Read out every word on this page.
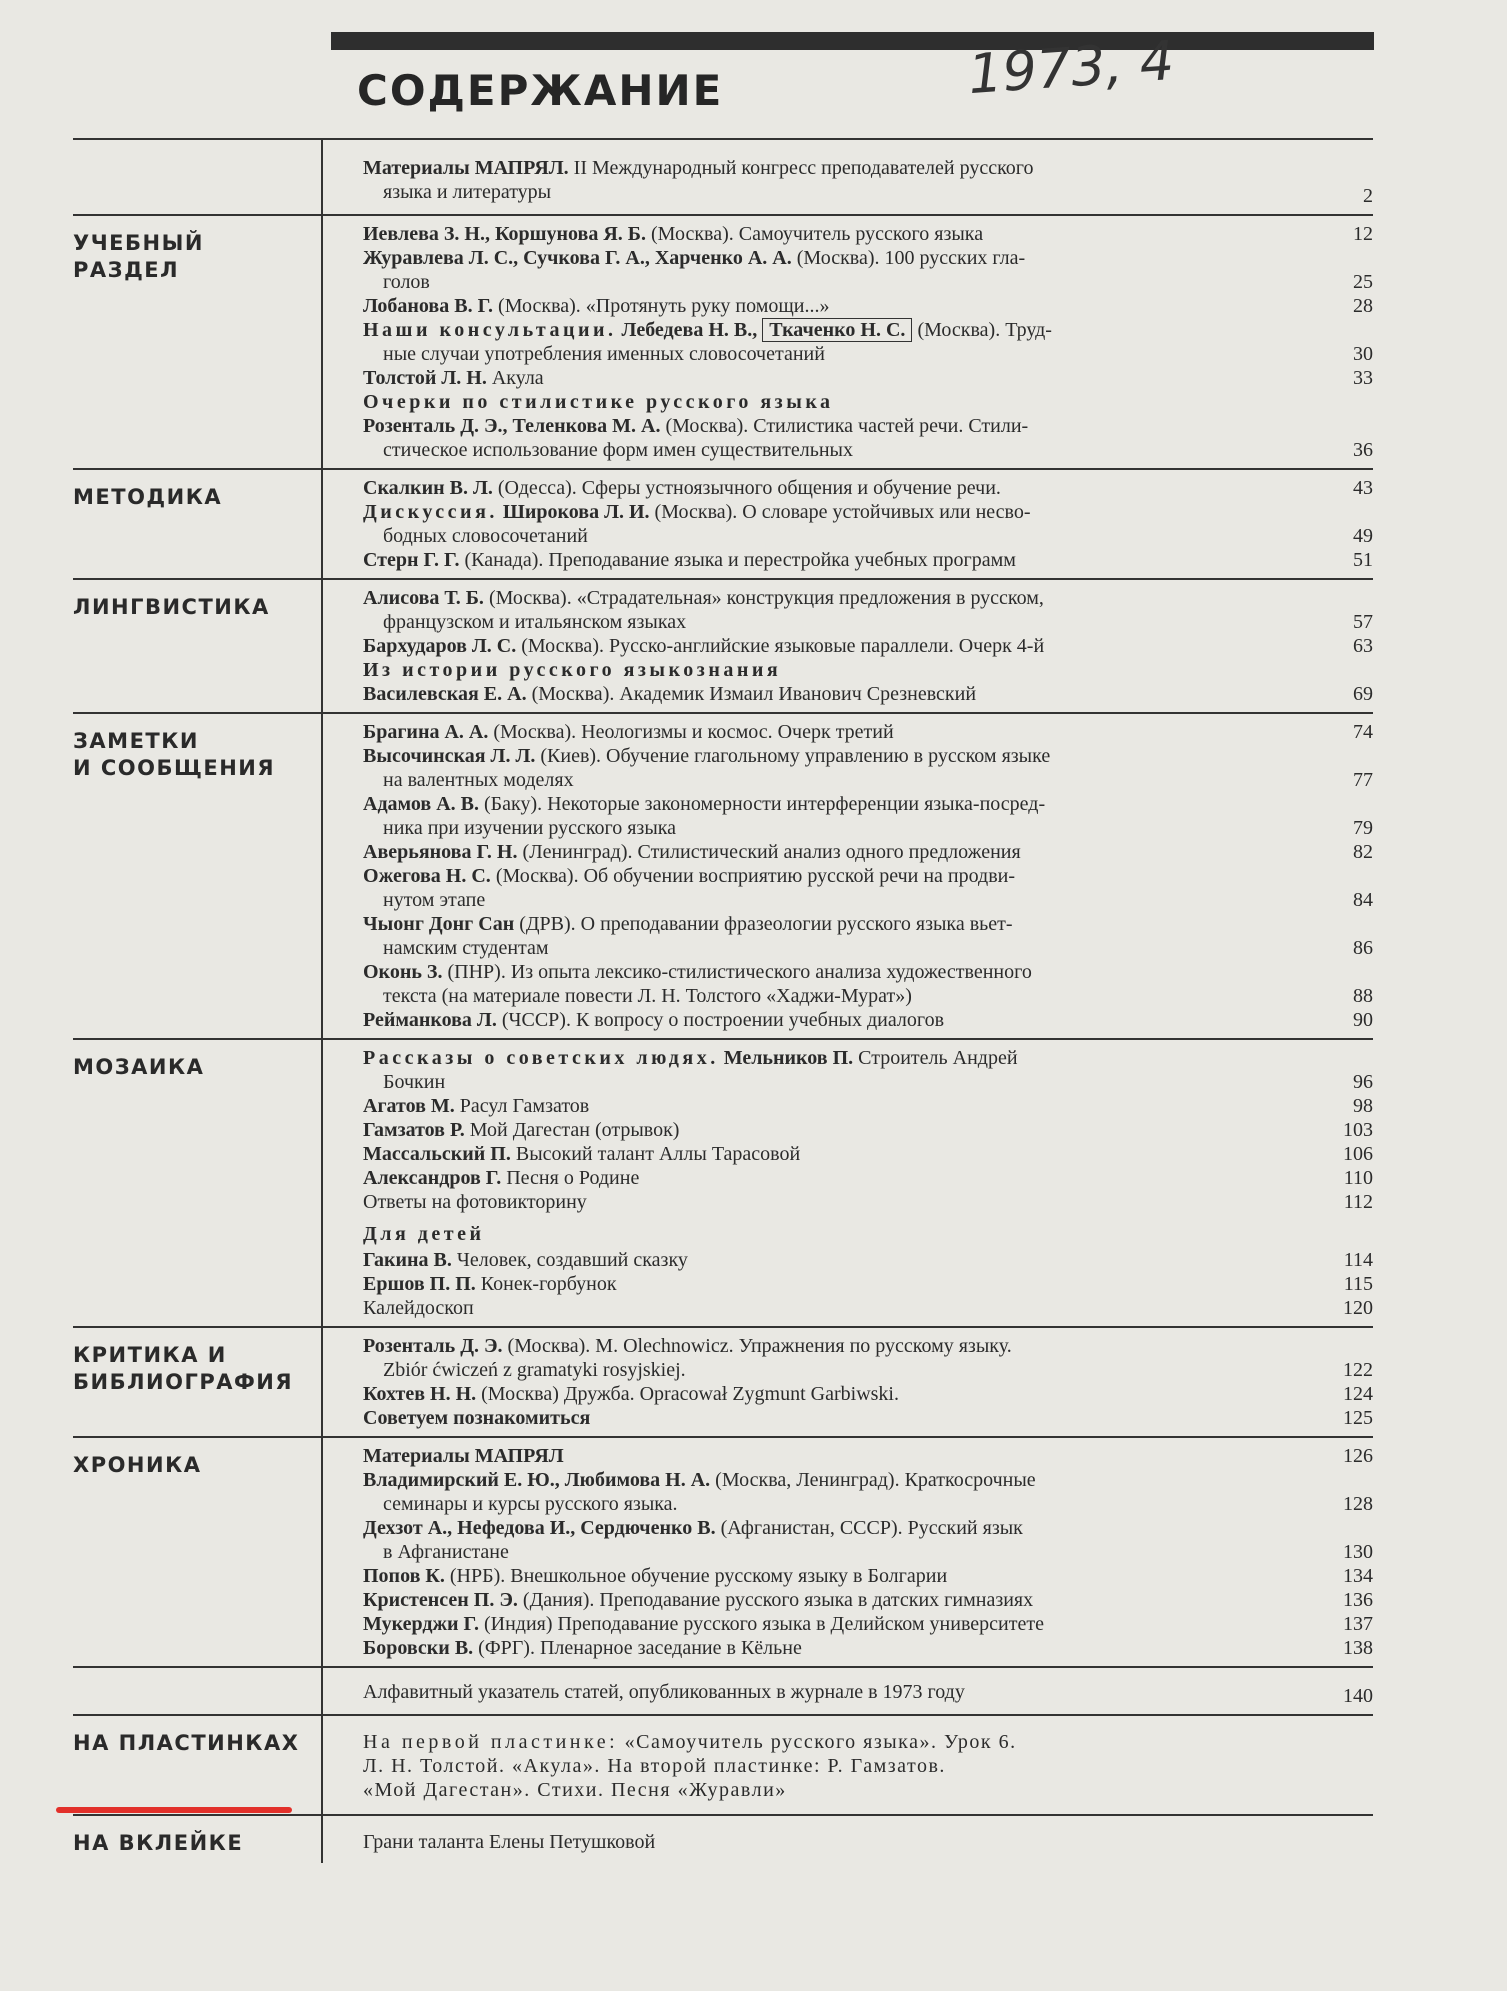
СОДЕРЖАНИЕ	1973, 4
Материалы МАПРЯЛ. II Международный конгресс преподавателей русского
языка и литературы	2
УЧЕБНЫЙ
РАЗДЕЛ
Иевлева З. Н., Коршунова Я. Б. (Москва). Самоучитель русского языка	12
Журавлева Л. С., Сучкова Г. А., Харченко А. А. (Москва). 100 русских гла-
голов	25
Лобанова В. Г. (Москва). «Протянуть руку помощи...»	28
Наши консультации. Лебедева Н. В., Ткаченко Н. С. (Москва). Труд-
ные случаи употребления именных словосочетаний	30
Толстой Л. Н. Акула	33
Очерки по стилистике русского языка
Розенталь Д. Э., Теленкова М. А. (Москва). Стилистика частей речи. Стили-
стическое использование форм имен существительных	36
МЕТОДИКА	Скалкин В. Л. (Одесса). Сферы устноязычного общения и обучение речи.	43
Дискуссия. Широкова Л. И. (Москва). О словаре устойчивых или несво-
бодных словосочетаний	49
Стерн Г. Г. (Канада). Преподавание языка и перестройка учебных программ	51
ЛИНГВИСТИКА	Алисова Т. Б. (Москва). «Страдательная» конструкция предложения в русском,
французском и итальянском языках	57
Бархударов Л. С. (Москва). Русско-английские языковые параллели. Очерк 4-й	63
Из истории русского языкознания
Василевская Е. А. (Москва). Академик Измаил Иванович Срезневский	69
ЗАМЕТКИ
И СООБЩЕНИЯ
Брагина А. А. (Москва). Неологизмы и космос. Очерк третий	74
Высочинская Л. Л. (Киев). Обучение глагольному управлению в русском языке
на валентных моделях	77
Адамов А. В. (Баку). Некоторые закономерности интерференции языка-посред-
ника при изучении русского языка	79
Аверьянова Г. Н. (Ленинград). Стилистический анализ одного предложения	82
Ожегова Н. С. (Москва). Об обучении восприятию русской речи на продви-
нутом этапе	84
Чыонг Донг Сан (ДРВ). О преподавании фразеологии русского языка вьет-
намским студентам	86
Оконь З. (ПНР). Из опыта лексико-стилистического анализа художественного
текста (на материале повести Л. Н. Толстого «Хаджи-Мурат»)	88
Рейманкова Л. (ЧССР). К вопросу о построении учебных диалогов	90
МОЗАИКА	Рассказы о советских людях. Мельников П. Строитель Андрей
Бочкин	96
Агатов М. Расул Гамзатов	98
Гамзатов Р. Мой Дагестан (отрывок)	103
Массальский П. Высокий талант Аллы Тарасовой	106
Александров Г. Песня о Родине	110
Ответы на фотовикторину	112
Для детей
Гакина В. Человек, создавший сказку	114
Ершов П. П. Конек-горбунок	115
Калейдоскоп	120
КРИТИКА И
БИБЛИОГРАФИЯ
Розенталь Д. Э. (Москва). M. Olechnowicz. Упражнения по русскому языку.
Zbiór ćwiczeń z gramatyki rosyjskiej.	122
Кохтев Н. Н. (Москва) Дружба. Opracował Zygmunt Garbiwski.	124
Советуем познакомиться	125
ХРОНИКА	Материалы МАПРЯЛ	126
Владимирский Е. Ю., Любимова Н. А. (Москва, Ленинград). Краткосрочные
семинары и курсы русского языка.	128
Дехзот А., Нефедова И., Сердюченко В. (Афганистан, СССР). Русский язык
в Афганистане	130
Попов К. (НРБ). Внешкольное обучение русскому языку в Болгарии	134
Кристенсен П. Э. (Дания). Преподавание русского языка в датских гимназиях	136
Мукерджи Г. (Индия) Преподавание русского языка в Делийском университете	137
Боровски В. (ФРГ). Пленарное заседание в Кёльне	138
Алфавитный указатель статей, опубликованных в журнале в 1973 году	140
НА ПЛАСТИНКАХ	На первой пластинке: «Самоучитель русского языка». Урок 6.
Л. Н. Толстой. «Акула». На второй пластинке: Р. Гамзатов.
«Мой Дагестан». Стихи. Песня «Журавли»
НА ВКЛЕЙКЕ	Грани таланта Елены Петушковой
